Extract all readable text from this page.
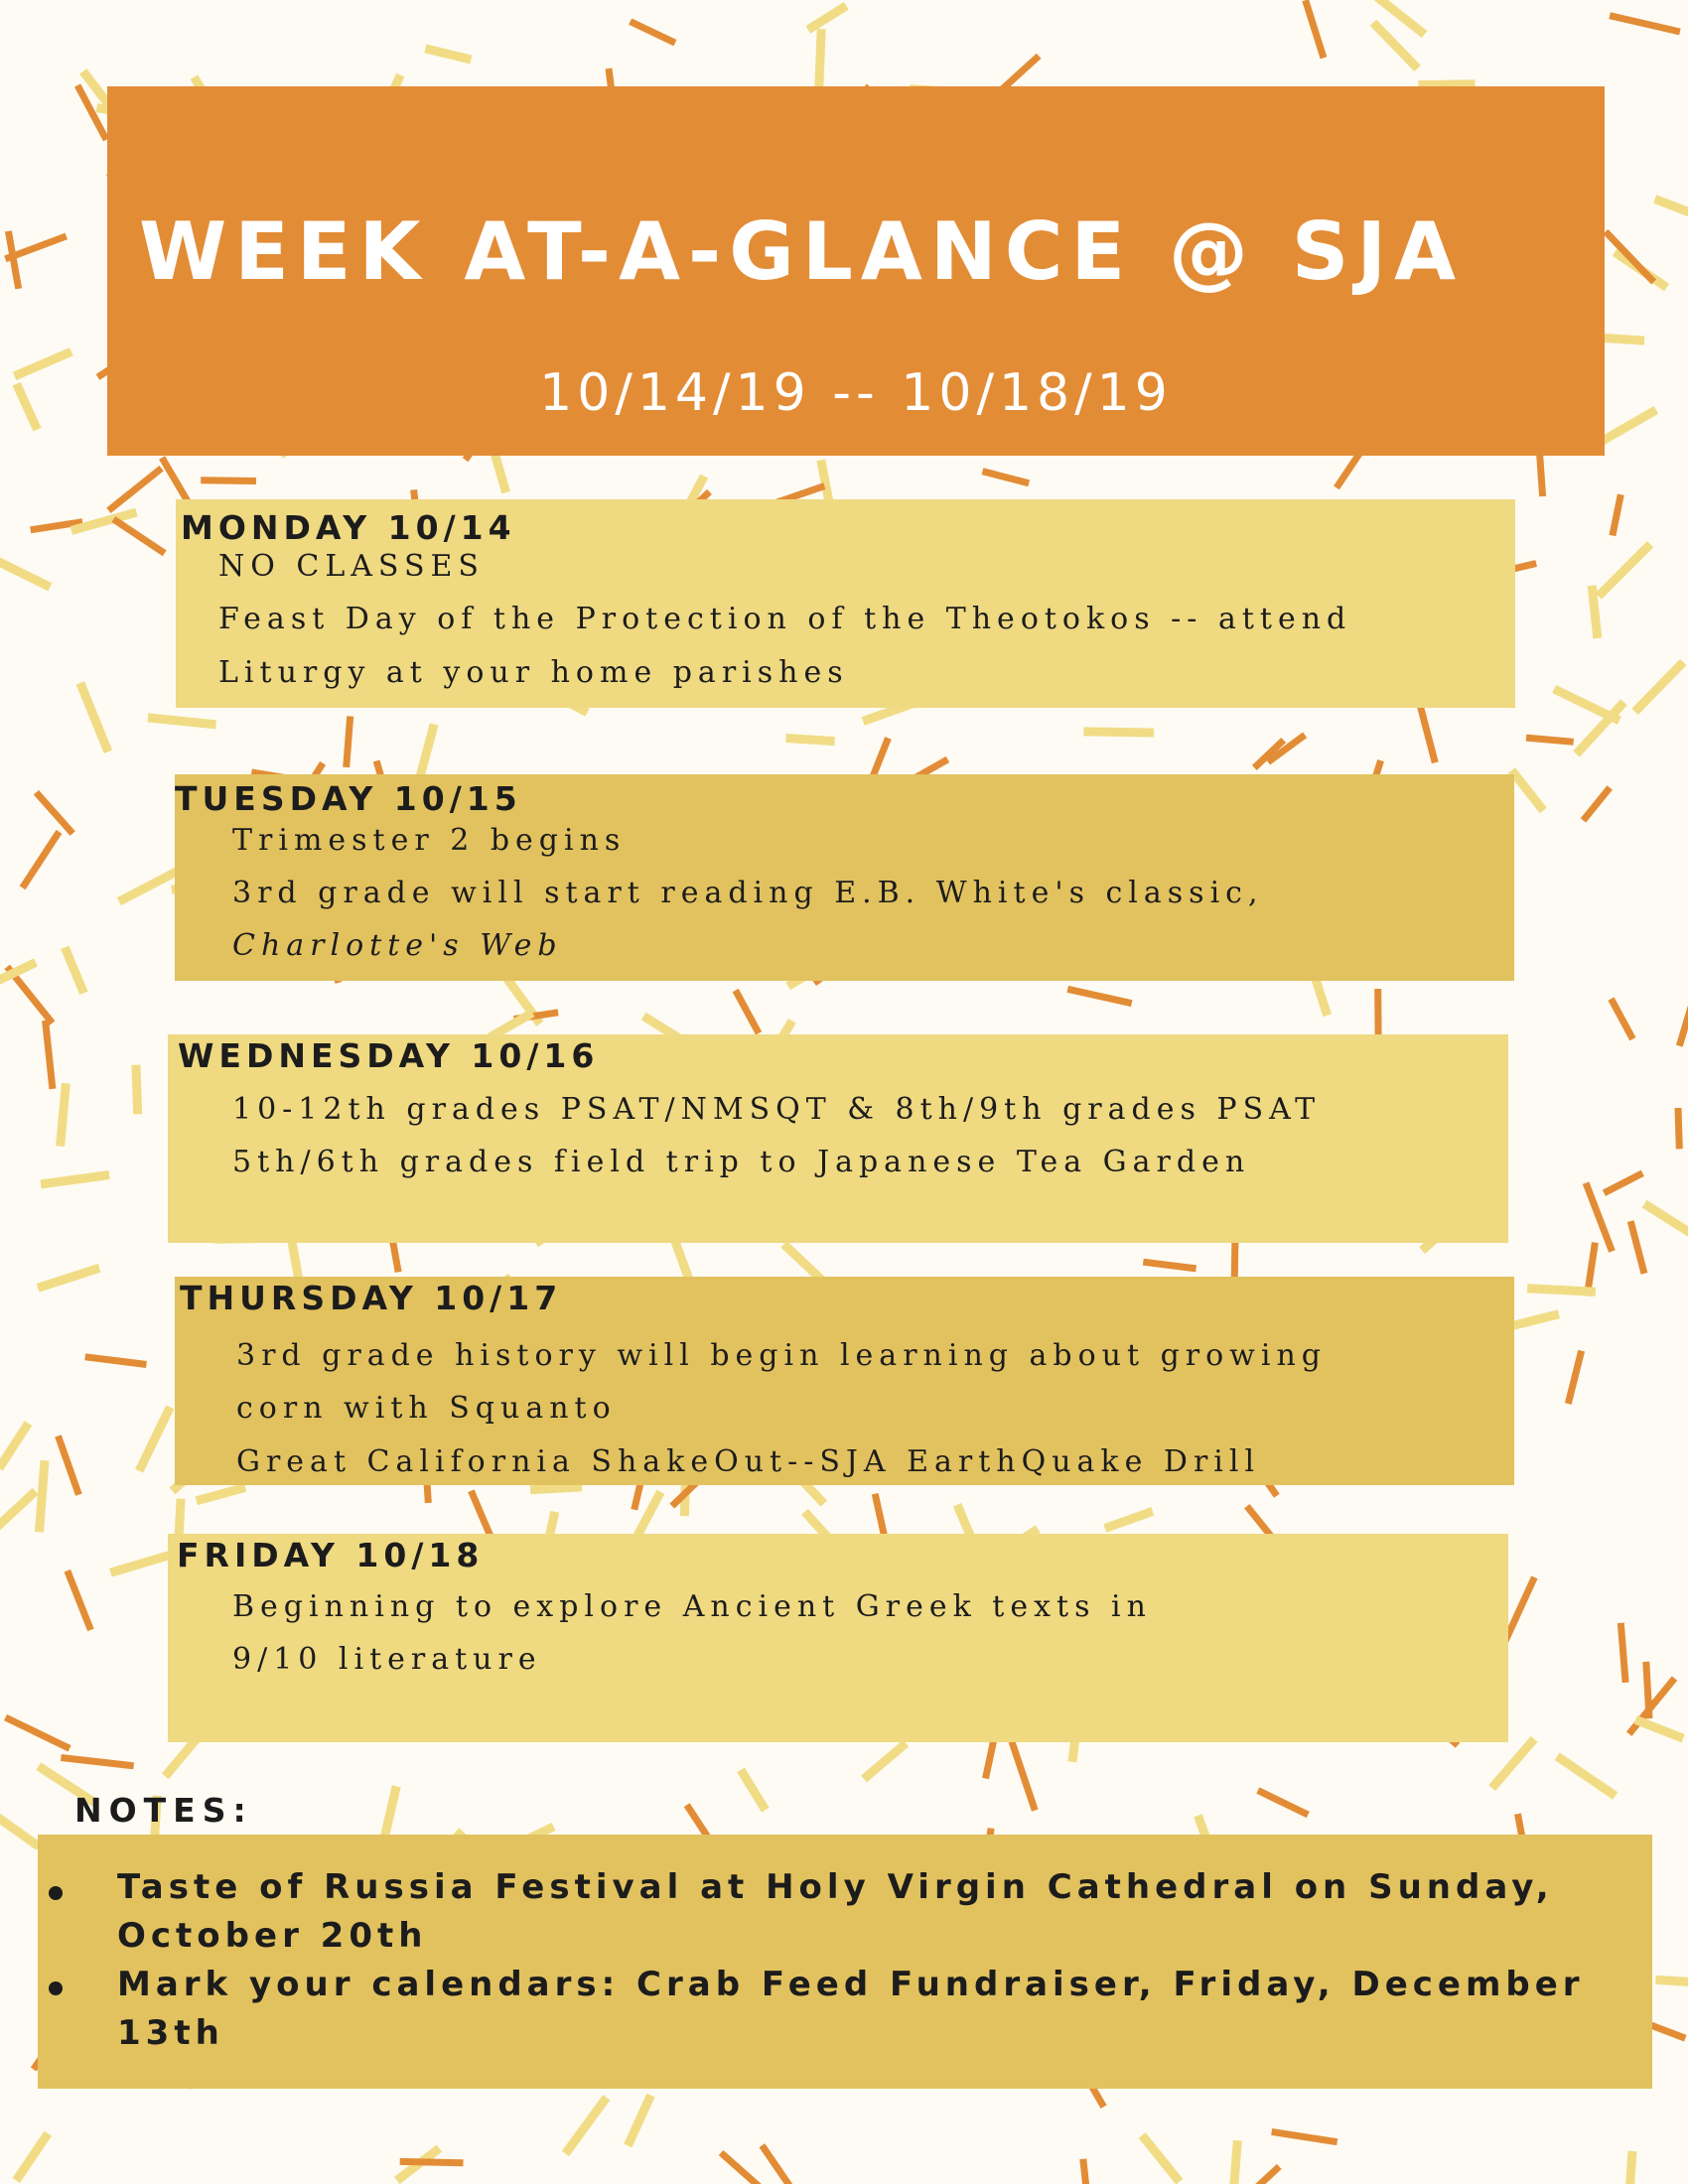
WEEK AT-A-GLANCE @ SJA
10/14/19 -- 10/18/19
MONDAY 10/14
NO CLASSES
Feast Day of the Protection of the Theotokos -- attend
Liturgy at your home parishes
TUESDAY 10/15
Trimester 2 begins
3rd grade will start reading E.B. White's classic,
Charlotte's Web
WEDNESDAY 10/16
10-12th grades PSAT/NMSQT & 8th/9th grades PSAT
5th/6th grades field trip to Japanese Tea Garden
THURSDAY 10/17
3rd grade history will begin learning about growing
corn with Squanto
Great California ShakeOut--SJA EarthQuake Drill
FRIDAY 10/18
Beginning to explore Ancient Greek texts in
9/10 literature
NOTES:
Taste of Russia Festival at Holy Virgin Cathedral on Sunday,
October 20th
Mark your calendars: Crab Feed Fundraiser, Friday, December
13th
